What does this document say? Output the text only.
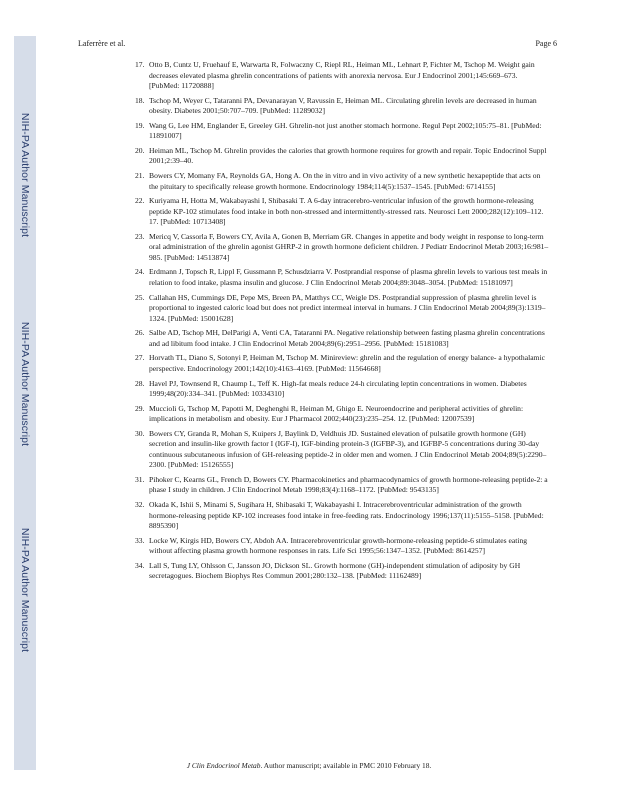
NIH-PA Author Manuscript
NIH-PA Author Manuscript
NIH-PA Author Manuscript
Laferrère et al.	Page 6
17. Otto B, Cuntz U, Fruehauf E, Warwarta R, Folwaczny C, Riepl RL, Heiman ML, Lehnart P, Fichter M, Tschop M. Weight gain decreases elevated plasma ghrelin concentrations of patients with anorexia nervosa. Eur J Endocrinol 2001;145:669–673. [PubMed: 11720888]
18. Tschop M, Weyer C, Tataranni PA, Devanarayan V, Ravussin E, Heiman ML. Circulating ghrelin levels are decreased in human obesity. Diabetes 2001;50:707–709. [PubMed: 11289032]
19. Wang G, Lee HM, Englander E, Greeley GH. Ghrelin-not just another stomach hormone. Regul Pept 2002;105:75–81. [PubMed: 11891007]
20. Heiman ML, Tschop M. Ghrelin provides the calories that growth hormone requires for growth and repair. Topic Endocrinol Suppl 2001;2:39–40.
21. Bowers CY, Momany FA, Reynolds GA, Hong A. On the in vitro and in vivo activity of a new synthetic hexapeptide that acts on the pituitary to specifically release growth hormone. Endocrinology 1984;114(5):1537–1545. [PubMed: 6714155]
22. Kuriyama H, Hotta M, Wakabayashi I, Shibasaki T. A 6-day intracerebro-ventricular infusion of the growth hormone-releasing peptide KP-102 stimulates food intake in both non-stressed and intermittently-stressed rats. Neurosci Lett 2000;282(12):109–112. 17. [PubMed: 10713408]
23. Mericq V, Cassorla F, Bowers CY, Avila A, Gonen B, Merriam GR. Changes in appetite and body weight in response to long-term oral administration of the ghrelin agonist GHRP-2 in growth hormone deficient children. J Pediatr Endocrinol Metab 2003;16:981–985. [PubMed: 14513874]
24. Erdmann J, Topsch R, Lippl F, Gussmann P, Schusdziarra V. Postprandial response of plasma ghrelin levels to various test meals in relation to food intake, plasma insulin and glucose. J Clin Endocrinol Metab 2004;89:3048–3054. [PubMed: 15181097]
25. Callahan HS, Cummings DE, Pepe MS, Breen PA, Matthys CC, Weigle DS. Postprandial suppression of plasma ghrelin level is proportional to ingested caloric load but does not predict intermeal interval in humans. J Clin Endocrinol Metab 2004;89(3):1319–1324. [PubMed: 15001628]
26. Salbe AD, Tschop MH, DelParigi A, Venti CA, Tataranni PA. Negative relationship between fasting plasma ghrelin concentrations and ad libitum food intake. J Clin Endocrinol Metab 2004;89(6):2951–2956. [PubMed: 15181083]
27. Horvath TL, Diano S, Sotonyi P, Heiman M, Tschop M. Minireview: ghrelin and the regulation of energy balance- a hypothalamic perspective. Endocrinology 2001;142(10):4163–4169. [PubMed: 11564668]
28. Havel PJ, Townsend R, Chaump L, Teff K. High-fat meals reduce 24-h circulating leptin concentrations in women. Diabetes 1999;48(20):334–341. [PubMed: 10334310]
29. Muccioli G, Tschop M, Papotti M, Deghenghi R, Heiman M, Ghigo E. Neuroendocrine and peripheral activities of ghrelin: implications in metabolism and obesity. Eur J Pharmacol 2002;440(23):235–254. 12. [PubMed: 12007539]
30. Bowers CY, Granda R, Mohan S, Kuipers J, Baylink D, Veldhuis JD. Sustained elevation of pulsatile growth hormone (GH) secretion and insulin-like growth factor I (IGF-I), IGF-binding protein-3 (IGFBP-3), and IGFBP-5 concentrations during 30-day continuous subcutaneous infusion of GH-releasing peptide-2 in older men and women. J Clin Endocrinol Metab 2004;89(5):2290–2300. [PubMed: 15126555]
31. Pihoker C, Kearns GL, French D, Bowers CY. Pharmacokinetics and pharmacodynamics of growth hormone-releasing peptide-2: a phase I study in children. J Clin Endocrinol Metab 1998;83(4):1168–1172. [PubMed: 9543135]
32. Okada K, Ishii S, Minami S, Sugihara H, Shibasaki T, Wakabayashi I. Intracerebroventricular administration of the growth hormone-releasing peptide KP-102 increases food intake in free-feeding rats. Endocrinology 1996;137(11):5155–5158. [PubMed: 8895390]
33. Locke W, Kirgis HD, Bowers CY, Abdoh AA. Intracerebroventricular growth-hormone-releasing peptide-6 stimulates eating without affecting plasma growth hormone responses in rats. Life Sci 1995;56:1347–1352. [PubMed: 8614257]
34. Lall S, Tung LY, Ohlsson C, Jansson JO, Dickson SL. Growth hormone (GH)-independent stimulation of adiposity by GH secretagogues. Biochem Biophys Res Commun 2001;280:132–138. [PubMed: 11162489]
J Clin Endocrinol Metab. Author manuscript; available in PMC 2010 February 18.
